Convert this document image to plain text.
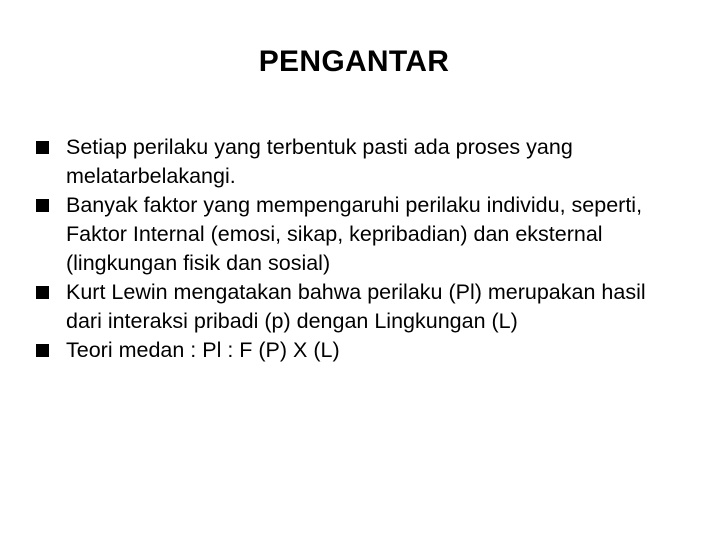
PENGANTAR
Setiap perilaku yang terbentuk pasti ada proses yang melatarbelakangi.
Banyak faktor yang mempengaruhi perilaku individu, seperti, Faktor Internal (emosi, sikap, kepribadian) dan eksternal (lingkungan fisik dan sosial)
Kurt Lewin mengatakan bahwa perilaku (Pl) merupakan hasil dari interaksi pribadi (p) dengan Lingkungan (L)
Teori medan : Pl : F (P) X (L)
